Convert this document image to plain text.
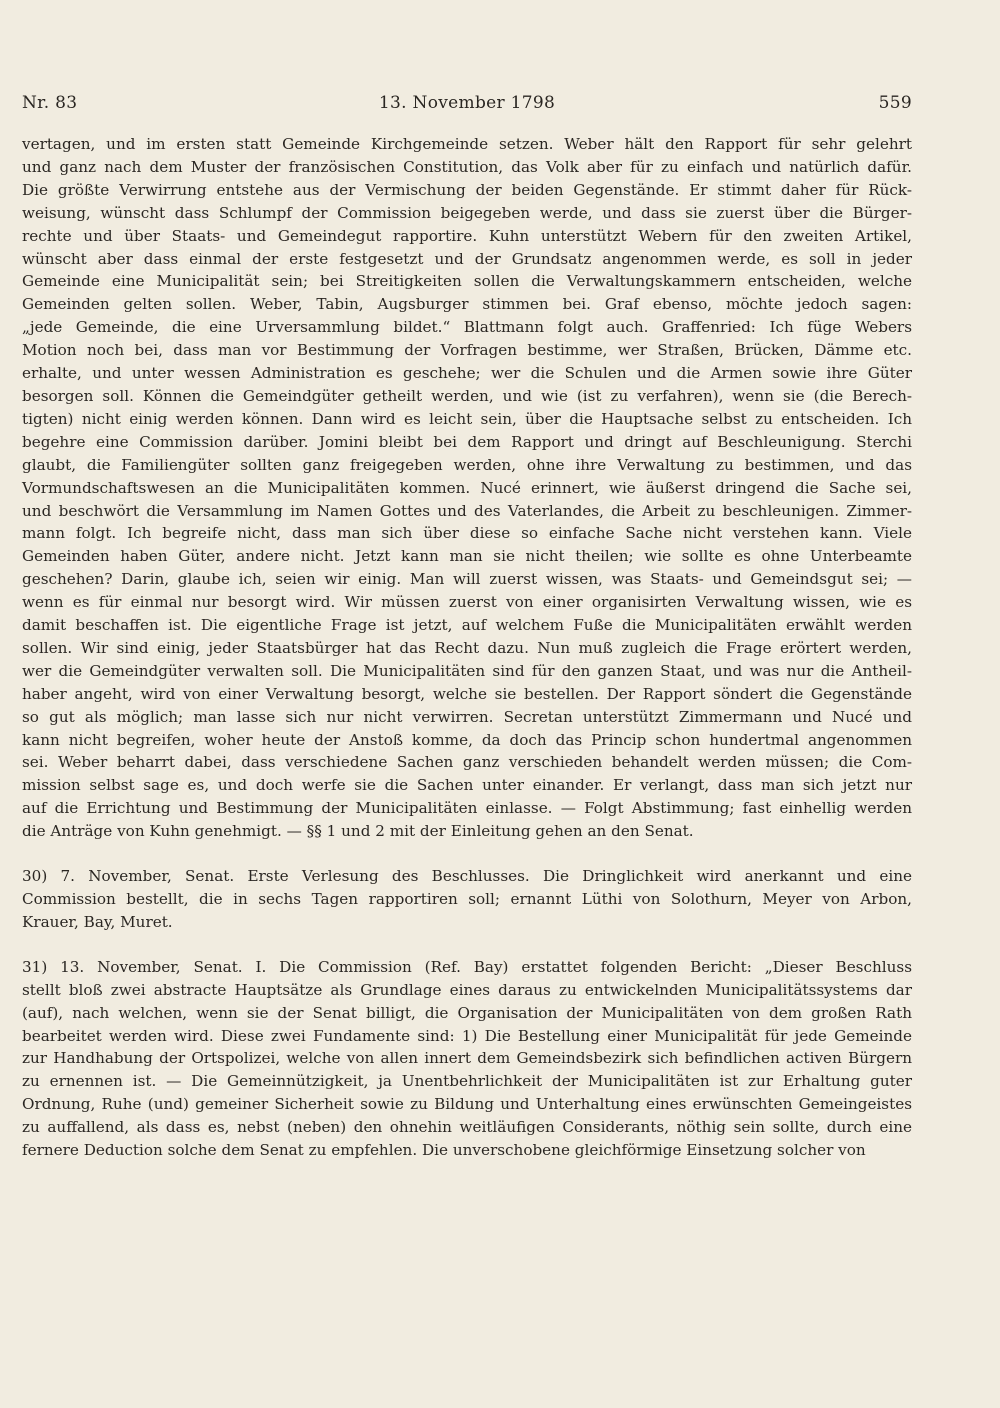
Nr. 83	13. November 1798	559
vertagen, und im ersten statt Gemeinde Kirchgemeinde setzen. Weber hält den Rapport für sehr gelehrt
und ganz nach dem Muster der französischen Constitution, das Volk aber für zu einfach und natürlich dafür.
Die größte Verwirrung entstehe aus der Vermischung der beiden Gegenstände. Er stimmt daher für Rück-
weisung, wünscht dass Schlumpf der Commission beigegeben werde, und dass sie zuerst über die Bürger-
rechte und über Staats- und Gemeindegut rapportire. Kuhn unterstützt Webern für den zweiten Artikel,
wünscht aber dass einmal der erste festgesetzt und der Grundsatz angenommen werde, es soll in jeder
Gemeinde eine Municipalität sein; bei Streitigkeiten sollen die Verwaltungskammern entscheiden, welche
Gemeinden gelten sollen. Weber, Tabin, Augsburger stimmen bei. Graf ebenso, möchte jedoch sagen:
„jede Gemeinde, die eine Urversammlung bildet.“ Blattmann folgt auch. Graffenried: Ich füge Webers
Motion noch bei, dass man vor Bestimmung der Vorfragen bestimme, wer Straßen, Brücken, Dämme etc.
erhalte, und unter wessen Administration es geschehe; wer die Schulen und die Armen sowie ihre Güter
besorgen soll. Können die Gemeindgüter getheilt werden, und wie (ist zu verfahren), wenn sie (die Berech-
tigten) nicht einig werden können. Dann wird es leicht sein, über die Hauptsache selbst zu entscheiden. Ich
begehre eine Commission darüber. Jomini bleibt bei dem Rapport und dringt auf Beschleunigung. Sterchi
glaubt, die Familiengüter sollten ganz freigegeben werden, ohne ihre Verwaltung zu bestimmen, und das
Vormundschaftswesen an die Municipalitäten kommen. Nucé erinnert, wie äußerst dringend die Sache sei,
und beschwört die Versammlung im Namen Gottes und des Vaterlandes, die Arbeit zu beschleunigen. Zimmer-
mann folgt. Ich begreife nicht, dass man sich über diese so einfache Sache nicht verstehen kann. Viele
Gemeinden haben Güter, andere nicht. Jetzt kann man sie nicht theilen; wie sollte es ohne Unterbeamte
geschehen? Darin, glaube ich, seien wir einig. Man will zuerst wissen, was Staats- und Gemeindsgut sei; —
wenn es für einmal nur besorgt wird. Wir müssen zuerst von einer organisirten Verwaltung wissen, wie es
damit beschaffen ist. Die eigentliche Frage ist jetzt, auf welchem Fuße die Municipalitäten erwählt werden
sollen. Wir sind einig, jeder Staatsbürger hat das Recht dazu. Nun muß zugleich die Frage erörtert werden,
wer die Gemeindgüter verwalten soll. Die Municipalitäten sind für den ganzen Staat, und was nur die Antheil-
haber angeht, wird von einer Verwaltung besorgt, welche sie bestellen. Der Rapport söndert die Gegenstände
so gut als möglich; man lasse sich nur nicht verwirren. Secretan unterstützt Zimmermann und Nucé und
kann nicht begreifen, woher heute der Anstoß komme, da doch das Princip schon hundertmal angenommen
sei. Weber beharrt dabei, dass verschiedene Sachen ganz verschieden behandelt werden müssen; die Com-
mission selbst sage es, und doch werfe sie die Sachen unter einander. Er verlangt, dass man sich jetzt nur
auf die Errichtung und Bestimmung der Municipalitäten einlasse. — Folgt Abstimmung; fast einhellig werden
die Anträge von Kuhn genehmigt. — §§ 1 und 2 mit der Einleitung gehen an den Senat.
30) 7. November, Senat. Erste Verlesung des Beschlusses. Die Dringlichkeit wird anerkannt und eine
Commission bestellt, die in sechs Tagen rapportiren soll; ernannt Lüthi von Solothurn, Meyer von Arbon,
Krauer, Bay, Muret.
31) 13. November, Senat. I. Die Commission (Ref. Bay) erstattet folgenden Bericht: „Dieser Beschluss
stellt bloß zwei abstracte Hauptsätze als Grundlage eines daraus zu entwickelnden Municipalitätssystems dar
(auf), nach welchen, wenn sie der Senat billigt, die Organisation der Municipalitäten von dem großen Rath
bearbeitet werden wird. Diese zwei Fundamente sind: 1) Die Bestellung einer Municipalität für jede Gemeinde
zur Handhabung der Ortspolizei, welche von allen innert dem Gemeindsbezirk sich befindlichen activen Bürgern
zu ernennen ist. — Die Gemeinnützigkeit, ja Unentbehrlichkeit der Municipalitäten ist zur Erhaltung guter
Ordnung, Ruhe (und) gemeiner Sicherheit sowie zu Bildung und Unterhaltung eines erwünschten Gemeingeistes
zu auffallend, als dass es, nebst (neben) den ohnehin weitläufigen Considerants, nöthig sein sollte, durch eine
fernere Deduction solche dem Senat zu empfehlen. Die unverschobene gleichförmige Einsetzung solcher von
